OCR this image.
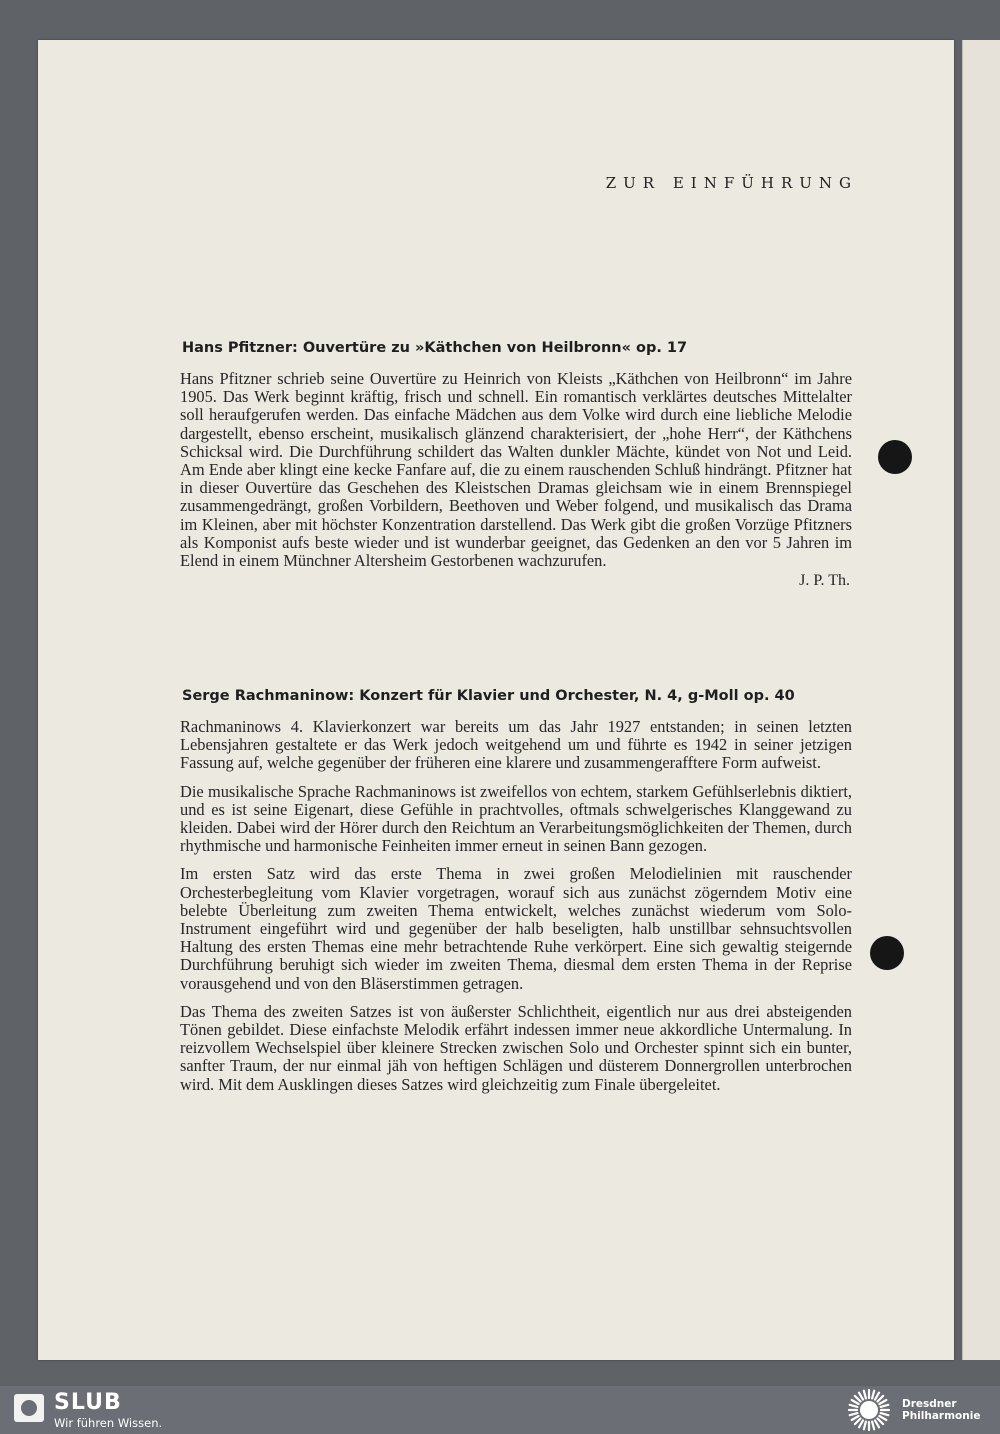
ZUR EINFÜHRUNG
Hans Pfitzner: Ouvertüre zu »Käthchen von Heilbronn« op. 17
Hans Pfitzner schrieb seine Ouvertüre zu Heinrich von Kleists „Käthchen von Heilbronn“ im Jahre 1905. Das Werk beginnt kräftig, frisch und schnell. Ein romantisch verklärtes deutsches Mittelalter soll heraufgerufen werden. Das einfache Mädchen aus dem Volke wird durch eine liebliche Melodie dargestellt, ebenso erscheint, musikalisch glänzend charakterisiert, der „hohe Herr“, der Käthchens Schicksal wird. Die Durchführung schildert das Walten dunkler Mächte, kündet von Not und Leid. Am Ende aber klingt eine kecke Fanfare auf, die zu einem rauschenden Schluß hindrängt. Pfitzner hat in dieser Ouvertüre das Geschehen des Kleistschen Dramas gleichsam wie in einem Brennspiegel zusammengedrängt, großen Vorbildern, Beethoven und Weber folgend, und musikalisch das Drama im Kleinen, aber mit höchster Konzentration darstellend. Das Werk gibt die großen Vorzüge Pfitzners als Komponist aufs beste wieder und ist wunderbar geeignet, das Gedenken an den vor 5 Jahren im Elend in einem Münchner Altersheim Gestorbenen wachzurufen.
J. P. Th.
Serge Rachmaninow: Konzert für Klavier und Orchester, N. 4, g-Moll op. 40
Rachmaninows 4. Klavierkonzert war bereits um das Jahr 1927 entstanden; in seinen letzten Lebensjahren gestaltete er das Werk jedoch weitgehend um und führte es 1942 in seiner jetzigen Fassung auf, welche gegenüber der früheren eine klarere und zusammengerafftere Form aufweist.
Die musikalische Sprache Rachmaninows ist zweifellos von echtem, starkem Gefühlserlebnis diktiert, und es ist seine Eigenart, diese Gefühle in prachtvolles, oftmals schwelgerisches Klanggewand zu kleiden. Dabei wird der Hörer durch den Reichtum an Verarbeitungsmöglichkeiten der Themen, durch rhythmische und harmonische Feinheiten immer erneut in seinen Bann gezogen.
Im ersten Satz wird das erste Thema in zwei großen Melodielinien mit rauschender Orchesterbegleitung vom Klavier vorgetragen, worauf sich aus zunächst zögerndem Motiv eine belebte Überleitung zum zweiten Thema entwickelt, welches zunächst wiederum vom Solo-Instrument eingeführt wird und gegenüber der halb beseligten, halb unstillbar sehnsuchtsvollen Haltung des ersten Themas eine mehr betrachtende Ruhe verkörpert. Eine sich gewaltig steigernde Durchführung beruhigt sich wieder im zweiten Thema, diesmal dem ersten Thema in der Reprise vorausgehend und von den Bläserstimmen getragen.
Das Thema des zweiten Satzes ist von äußerster Schlichtheit, eigentlich nur aus drei absteigenden Tönen gebildet. Diese einfachste Melodik erfährt indessen immer neue akkordliche Untermalung. In reizvollem Wechselspiel über kleinere Strecken zwischen Solo und Orchester spinnt sich ein bunter, sanfter Traum, der nur einmal jäh von heftigen Schlägen und düsterem Donnergrollen unterbrochen wird. Mit dem Ausklingen dieses Satzes wird gleichzeitig zum Finale übergeleitet.
SLUB
Wir führen Wissen.
Dresdner
Philharmonie
